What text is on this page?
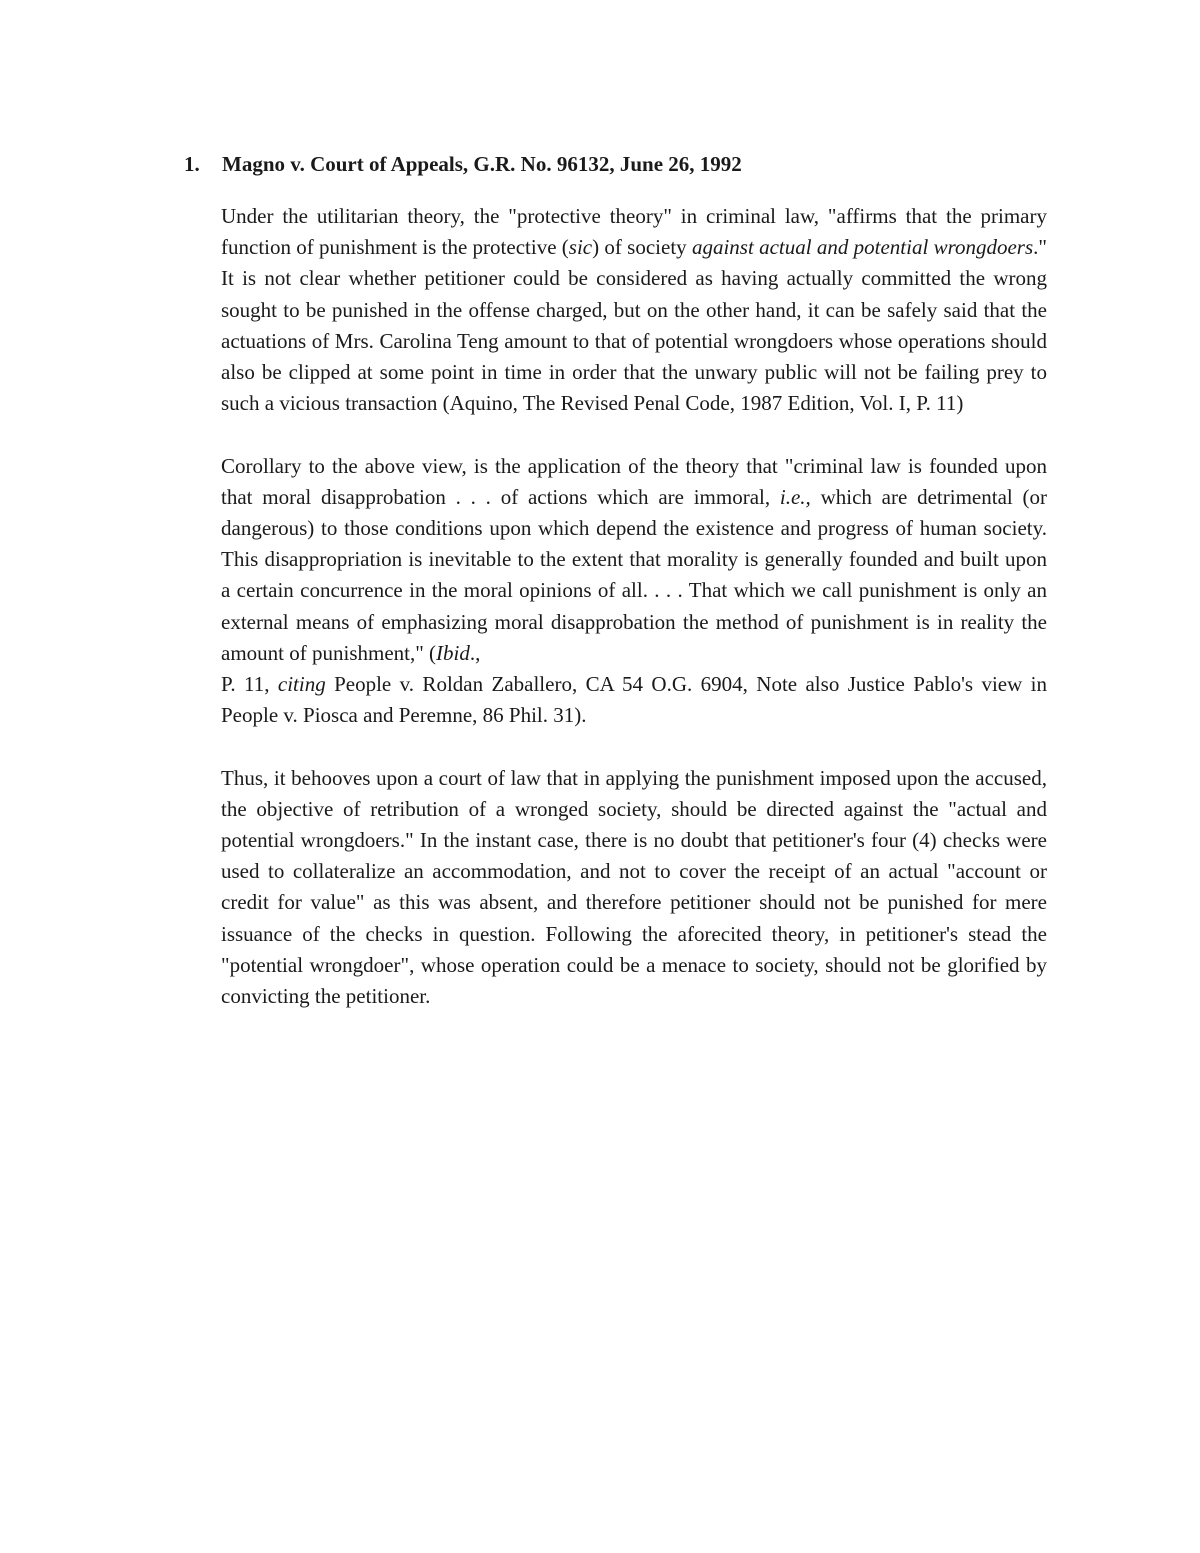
1. Magno v. Court of Appeals, G.R. No. 96132, June 26, 1992

Under the utilitarian theory, the "protective theory" in criminal law, "affirms that the primary function of punishment is the protective (sic) of society against actual and potential wrongdoers." It is not clear whether petitioner could be considered as having actually committed the wrong sought to be punished in the offense charged, but on the other hand, it can be safely said that the actuations of Mrs. Carolina Teng amount to that of potential wrongdoers whose operations should also be clipped at some point in time in order that the unwary public will not be failing prey to such a vicious transaction (Aquino, The Revised Penal Code, 1987 Edition, Vol. I, P. 11)

Corollary to the above view, is the application of the theory that "criminal law is founded upon that moral disapprobation . . . of actions which are immoral, i.e., which are detrimental (or dangerous) to those conditions upon which depend the existence and progress of human society. This disappropriation is inevitable to the extent that morality is generally founded and built upon a certain concurrence in the moral opinions of all. . . . That which we call punishment is only an external means of emphasizing moral disapprobation the method of punishment is in reality the amount of punishment," (Ibid.,

P. 11, citing People v. Roldan Zaballero, CA 54 O.G. 6904, Note also Justice Pablo's view in People v. Piosca and Peremne, 86 Phil. 31).

Thus, it behooves upon a court of law that in applying the punishment imposed upon the accused, the objective of retribution of a wronged society, should be directed against the "actual and potential wrongdoers." In the instant case, there is no doubt that petitioner's four (4) checks were used to collateralize an accommodation, and not to cover the receipt of an actual "account or credit for value" as this was absent, and therefore petitioner should not be punished for mere issuance of the checks in question. Following the aforecited theory, in petitioner's stead the "potential wrongdoer", whose operation could be a menace to society, should not be glorified by convicting the petitioner.
